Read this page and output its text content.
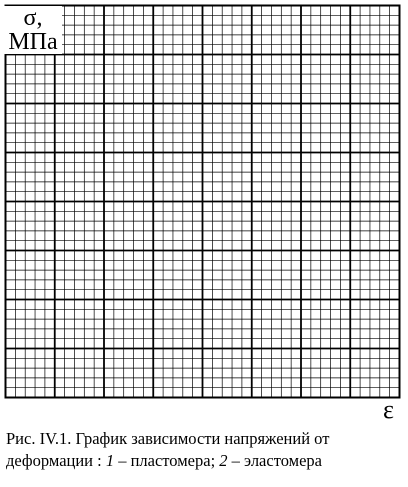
σ,
МПа
ε
Рис. IV.1. График зависимости напряжений от
деформации : 1 – пластомера; 2 – эластомера
